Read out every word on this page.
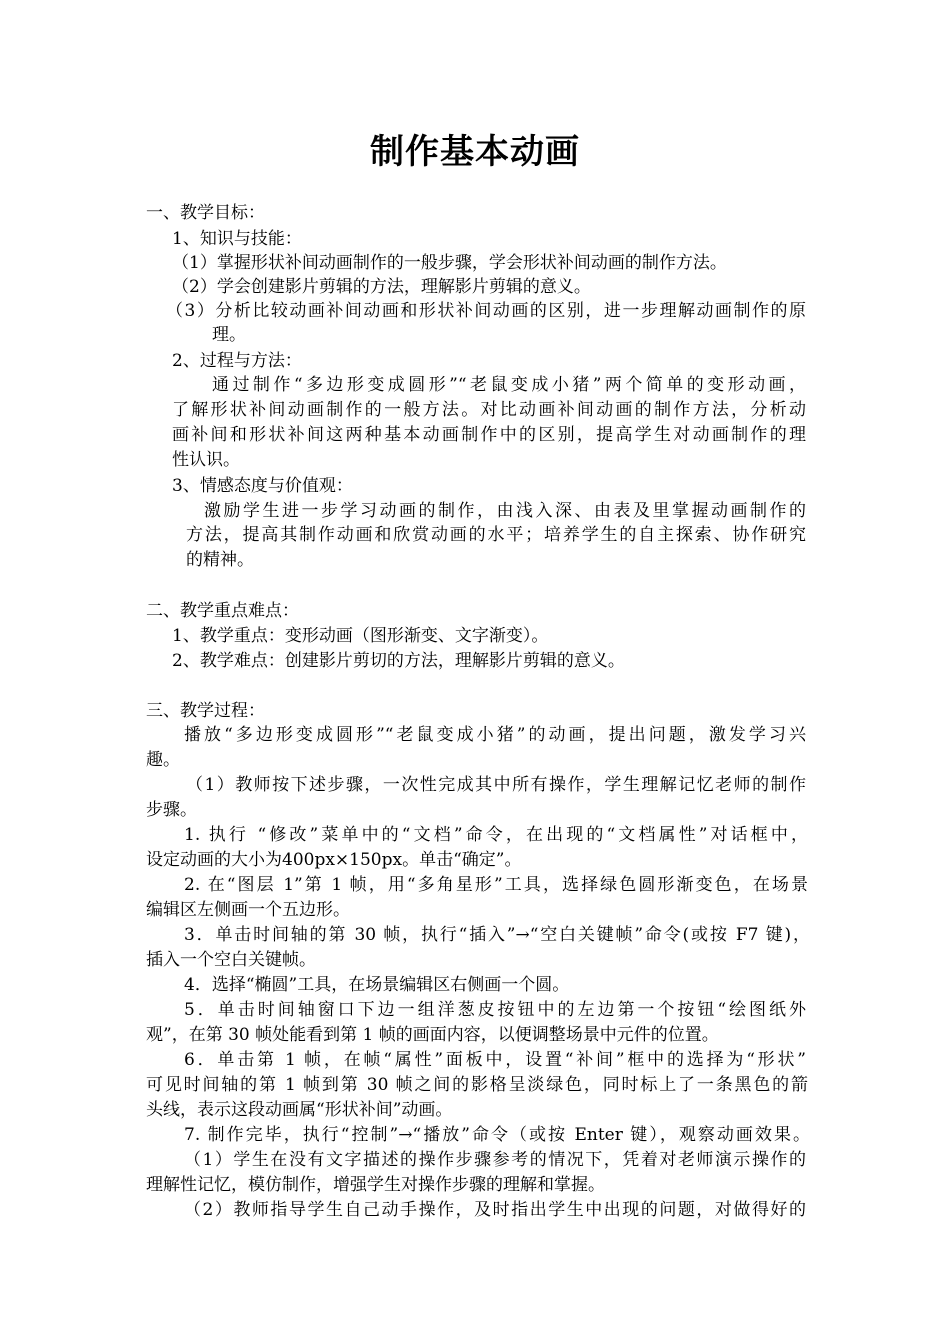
制作基本动画
一、教学目标：
1、知识与技能：
（1）掌握形状补间动画制作的一般步骤，学会形状补间动画的制作方法。
（2）学会创建影片剪辑的方法，理解影片剪辑的意义。
（3）分析比较动画补间动画和形状补间动画的区别，进一步理解动画制作的原
理。
2、过程与方法：
通过制作“多边形变成圆形”“老鼠变成小猪”两个简单的变形动画，
了解形状补间动画制作的一般方法。对比动画补间动画的制作方法，分析动
画补间和形状补间这两种基本动画制作中的区别，提高学生对动画制作的理
性认识。
3、情感态度与价值观：
激励学生进一步学习动画的制作，由浅入深、由表及里掌握动画制作的
方法，提高其制作动画和欣赏动画的水平；培养学生的自主探索、协作研究
的精神。
二、教学重点难点：
1、教学重点：变形动画（图形渐变、文字渐变）。
2、教学难点：创建影片剪切的方法，理解影片剪辑的意义。
三、教学过程：
播放“多边形变成圆形”“老鼠变成小猪”的动画，提出问题，激发学习兴
趣。
（1）教师按下述步骤，一次性完成其中所有操作，学生理解记忆老师的制作
步骤。
1. 执行 “修改”菜单中的“文档”命令，在出现的“文档属性”对话框中，
设定动画的大小为400px×150px。单击“确定”。
2. 在“图层 1”第 1 帧，用“多角星形”工具，选择绿色圆形渐变色，在场景
编辑区左侧画一个五边形。
3．单击时间轴的第 30 帧，执行“插入”→“空白关键帧”命令(或按 F7 键)，
插入一个空白关键帧。
4．选择“椭圆”工具，在场景编辑区右侧画一个圆。
5．单击时间轴窗口下边一组洋葱皮按钮中的左边第一个按钮“绘图纸外
观”，在第 30 帧处能看到第 1 帧的画面内容，以便调整场景中元件的位置。
6．单击第 1 帧，在帧“属性”面板中，设置“补间”框中的选择为“形状”
可见时间轴的第 1 帧到第 30 帧之间的影格呈淡绿色，同时标上了一条黑色的箭
头线，表示这段动画属“形状补间”动画。
7. 制作完毕，执行“控制”→“播放”命令（或按 Enter 键），观察动画效果。
（1）学生在没有文字描述的操作步骤参考的情况下，凭着对老师演示操作的
理解性记忆，模仿制作，增强学生对操作步骤的理解和掌握。
（2）教师指导学生自己动手操作，及时指出学生中出现的问题，对做得好的
